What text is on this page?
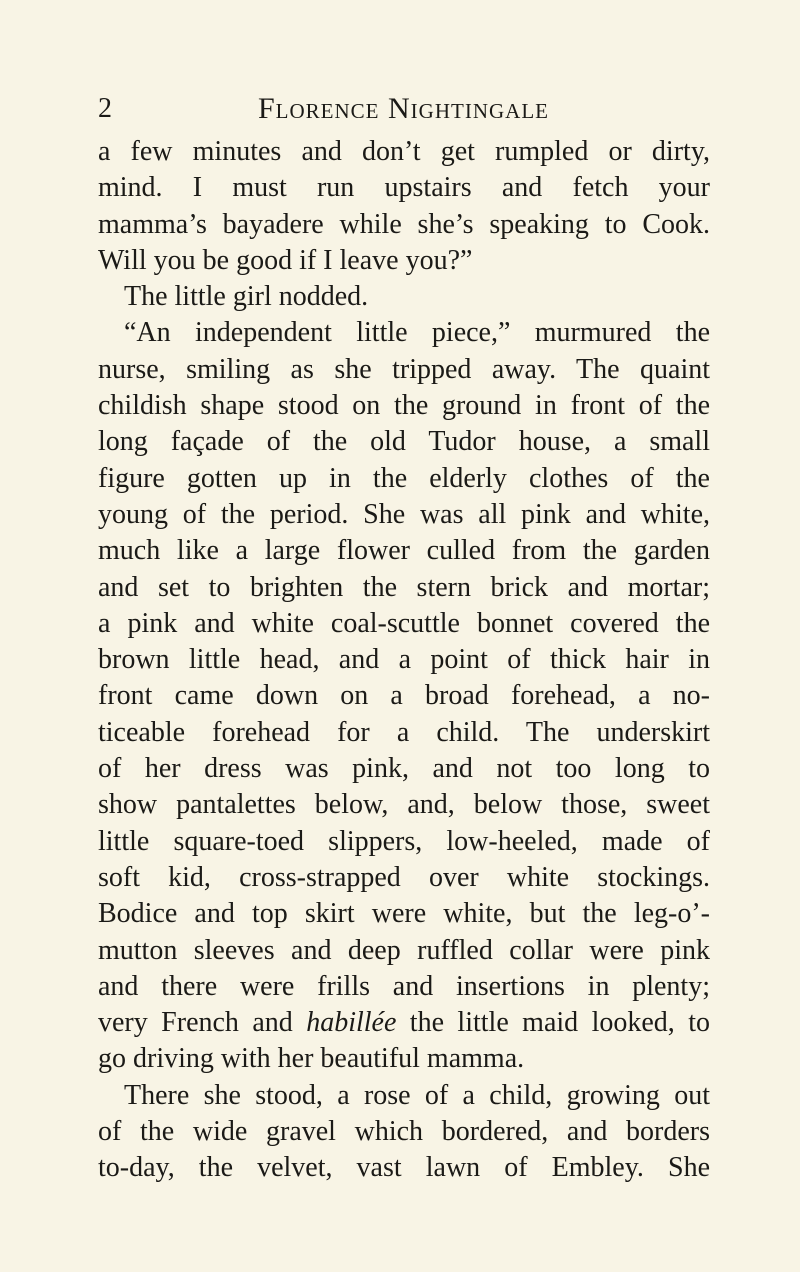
2	Florence Nightingale
a few minutes and don’t get rumpled or dirty,
mind. I must run upstairs and fetch your
mamma’s bayadere while she’s speaking to Cook.
Will you be good if I leave you?”
The little girl nodded.
“An independent little piece,” murmured the
nurse, smiling as she tripped away. The quaint
childish shape stood on the ground in front of the
long façade of the old Tudor house, a small
figure gotten up in the elderly clothes of the
young of the period. She was all pink and white,
much like a large flower culled from the garden
and set to brighten the stern brick and mortar;
a pink and white coal-scuttle bonnet covered the
brown little head, and a point of thick hair in
front came down on a broad forehead, a no-
ticeable forehead for a child. The underskirt
of her dress was pink, and not too long to
show pantalettes below, and, below those, sweet
little square-toed slippers, low-heeled, made of
soft kid, cross-strapped over white stockings.
Bodice and top skirt were white, but the leg-o’-
mutton sleeves and deep ruffled collar were pink
and there were frills and insertions in plenty;
very French and habillée the little maid looked, to
go driving with her beautiful mamma.
There she stood, a rose of a child, growing out
of the wide gravel which bordered, and borders
to-day, the velvet, vast lawn of Embley. She
